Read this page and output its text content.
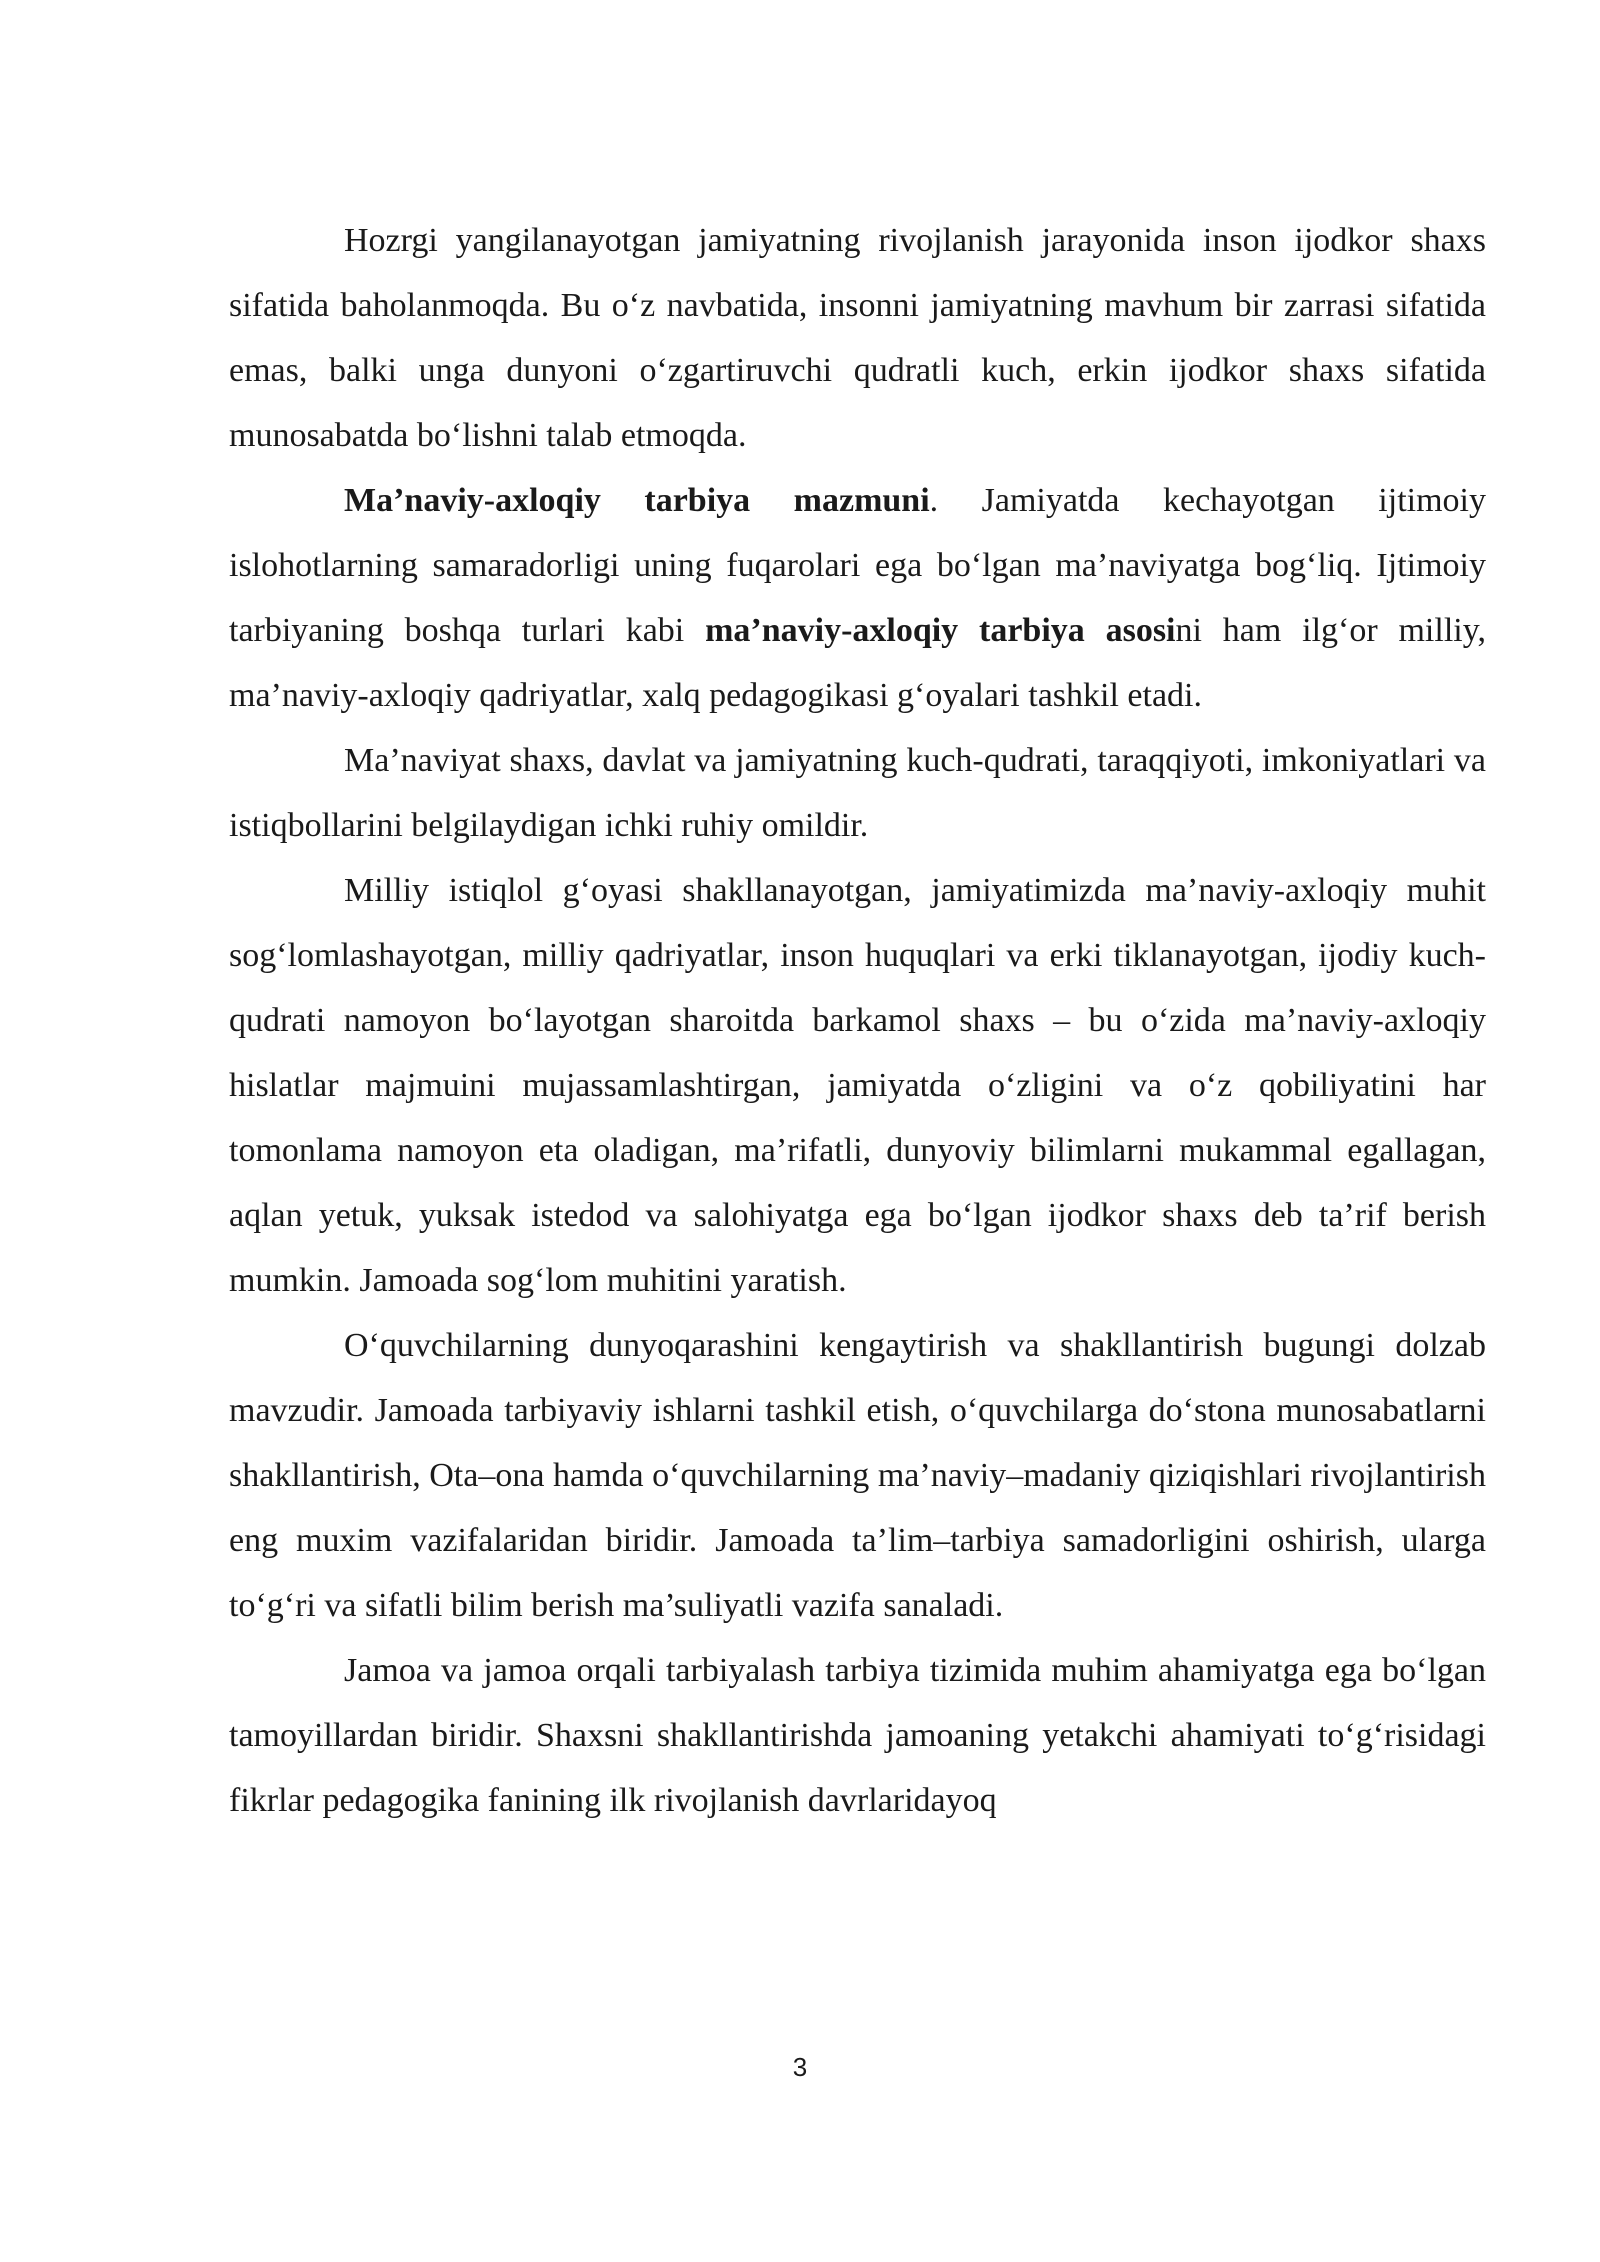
Hozrgi yangilanayotgan jamiyatning rivojlanish jarayonida inson ijodkor shaxs sifatida baholanmoqda. Bu o‘z navbatida, insonni jamiyatning mavhum bir zarrasi sifatida emas, balki unga dunyoni o‘zgartiruvchi qudratli kuch, erkin ijodkor shaxs sifatida munosabatda bo‘lishni talab etmoqda.

Ma’naviy-axloqiy tarbiya mazmuni. Jamiyatda kechayotgan ijtimoiy islohotlarning samaradorligi uning fuqarolari ega bo‘lgan ma’naviyatga bog‘liq. Ijtimoiy tarbiyaning boshqa turlari kabi ma’naviy-axloqiy tarbiya asosini ham ilg‘or milliy, ma’naviy-axloqiy qadriyatlar, xalq pedagogikasi g‘oyalari tashkil etadi.

Ma’naviyat shaxs, davlat va jamiyatning kuch-qudrati, taraqqiyoti, imkoniyatlari va istiqbollarini belgilaydigan ichki ruhiy omildir.

Milliy istiqlol g‘oyasi shakllanayotgan, jamiyatimizda ma’naviy-axloqiy muhit sog‘lomlashayotgan, milliy qadriyatlar, inson huquqlari va erki tiklanayotgan, ijodiy kuch-qudrati namoyon bo‘layotgan sharoitda barkamol shaxs – bu o‘zida ma’naviy-axloqiy hislatlar majmuini mujassamlashtirgan, jamiyatda o‘zligini va o‘z qobiliyatini har tomonlama namoyon eta oladigan, ma’rifatli, dunyoviy bilimlarni mukammal egallagan, aqlan yetuk, yuksak istedod va salohiyatga ega bo‘lgan ijodkor shaxs deb ta’rif berish mumkin. Jamoada sog‘lom muhitini yaratish.

O‘quvchilarning dunyoqarashini kengaytirish va shakllantirish bugungi dolzab mavzudir. Jamoada tarbiyaviy ishlarni tashkil etish, o‘quvchilarga do‘stona munosabatlarni shakllantirish, Ota–ona hamda o‘quvchilarning ma’naviy–madaniy qiziqishlari rivojlantirish eng muxim vazifalaridan biridir. Jamoada ta’lim–tarbiya samadorligini oshirish, ularga to‘g‘ri va sifatli bilim berish ma’suliyatli vazifa sanaladi.

Jamoa va jamoa orqali tarbiyalash tarbiya tizimida muhim ahamiyatga ega bo‘lgan tamoyillardan biridir. Shaxsni shakllantirishda jamoaning yetakchi ahamiyati to‘g‘risidagi fikrlar pedagogika fanining ilk rivojlanish davrlaridayoq

3
